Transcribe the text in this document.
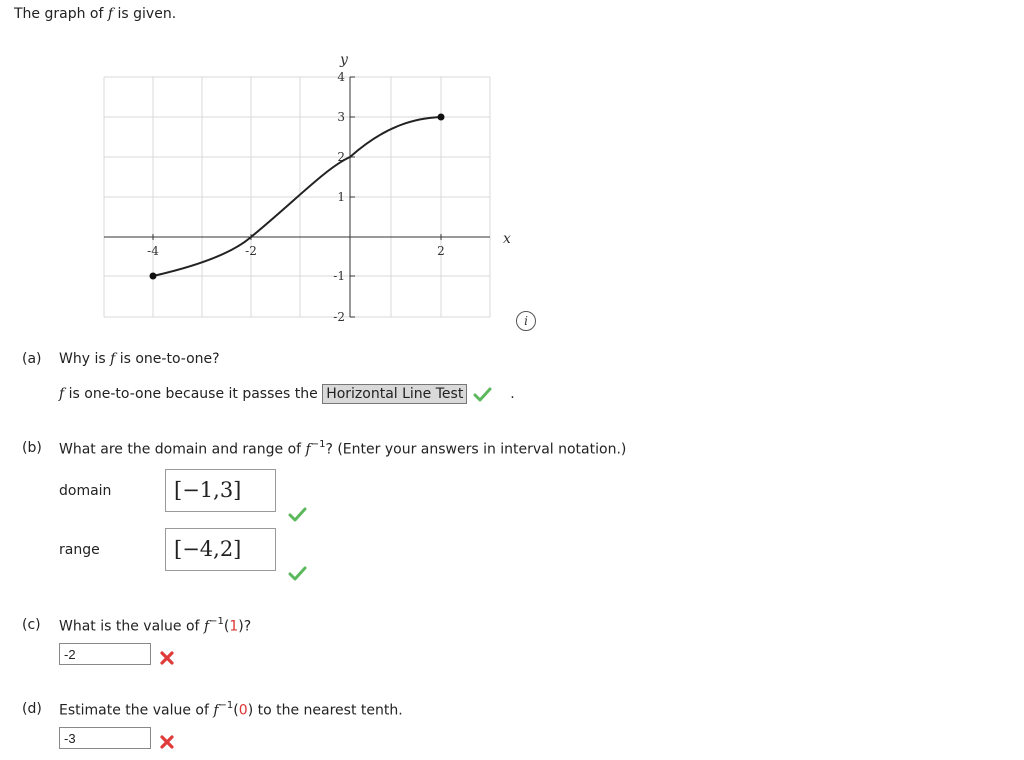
The graph of f is given.
x
y
-4	-2	2
4
3
2
1
-1
-2	i
(a) Why is f is one-to-one?
f is one-to-one because it passes the Horizontal Line Test	.
(b) What are the domain and range of $f^{-1}$? (Enter your answers in interval notation.)
domain	[−1,3]
range	[−4,2]
(c) What is the value of $f^{-1}(1)$?
-2
(d) Estimate the value of $f^{-1}(0)$ to the nearest tenth.
-3
